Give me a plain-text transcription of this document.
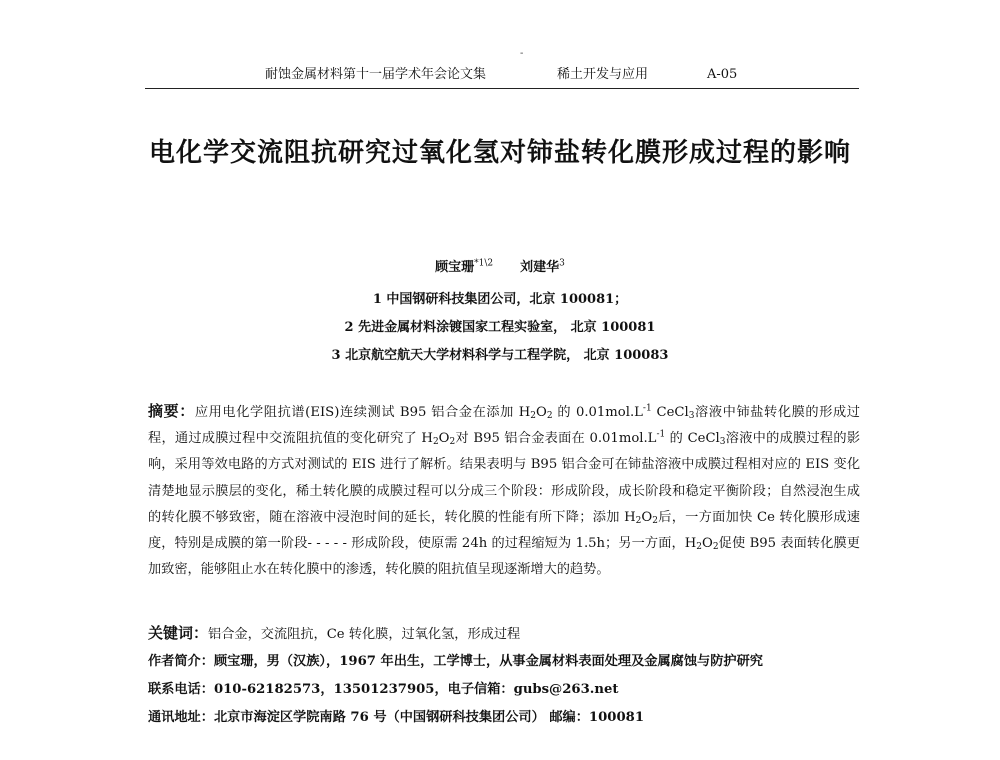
-
耐蚀金属材料第十一届学术年会论文集	稀土开发与应用	A-05
电化学交流阻抗研究过氧化氢对铈盐转化膜形成过程的影响
顾宝珊$^{*1\backslash 2}$ 刘建华$^3$
1 中国钢研科技集团公司，北京 100081；
2 先进金属材料涂镀国家工程实验室， 北京 100081
3 北京航空航天大学材料科学与工程学院， 北京 100083
摘要：应用电化学阻抗谱(EIS)连续测试 B95 铝合金在添加 $H_2O_2$ 的 $0.01mol.L^{-1}$ CeCl$_3$溶液中铈盐转化膜的形成过程，通过成膜过程中交流阻抗值的变化研究了 $H_2O_2$对 B95 铝合金表面在 $0.01mol.L^{-1}$ 的 CeCl$_3$溶液中的成膜过程的影响，采用等效电路的方式对测试的 EIS 进行了解析。结果表明与 B95 铝合金可在铈盐溶液中成膜过程相对应的 EIS 变化清楚地显示膜层的变化，稀土转化膜的成膜过程可以分成三个阶段：形成阶段，成长阶段和稳定平衡阶段；自然浸泡生成的转化膜不够致密，随在溶液中浸泡时间的延长，转化膜的性能有所下降；添加 $H_2O_2$后，一方面加快 Ce 转化膜形成速度，特别是成膜的第一阶段- - - - - 形成阶段，使原需 24h 的过程缩短为 1.5h；另一方面，$H_2O_2$促使 B95 表面转化膜更加致密，能够阻止水在转化膜中的渗透，转化膜的阻抗值呈现逐渐增大的趋势。
关键词：铝合金，交流阻抗，Ce 转化膜，过氧化氢，形成过程
作者简介：顾宝珊，男（汉族），1967 年出生，工学博士，从事金属材料表面处理及金属腐蚀与防护研究
联系电话：010-62182573，13501237905，电子信箱：gubs@263.net
通讯地址：北京市海淀区学院南路 76 号（中国钢研科技集团公司） 邮编：100081
